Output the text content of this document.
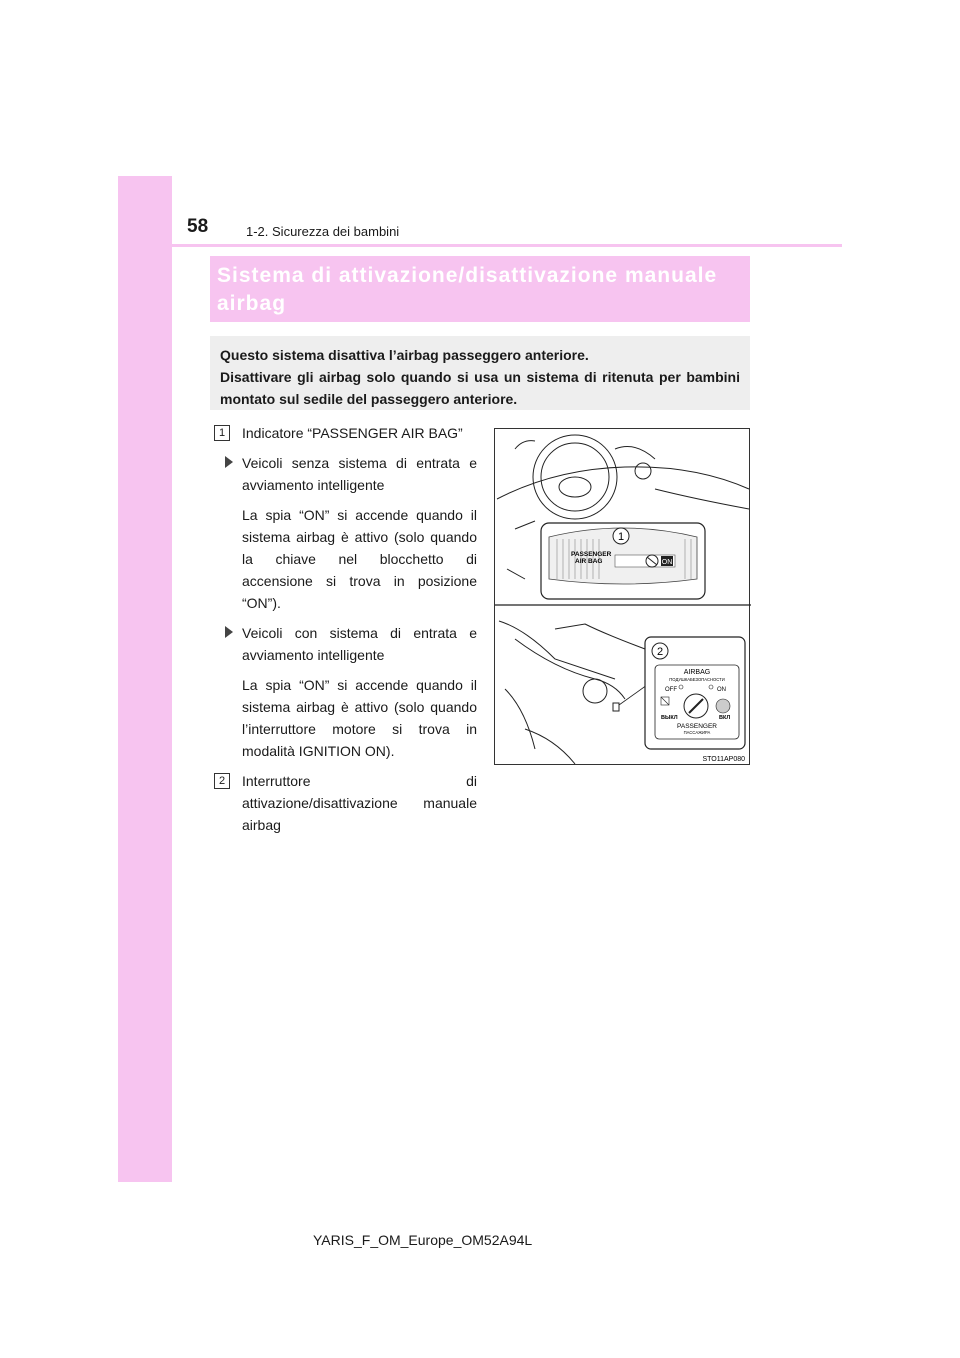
58	1-2. Sicurezza dei bambini

Sistema di attivazione/disattivazione manuale

airbag

Questo sistema disattiva l’airbag passeggero anteriore.

Disattivare gli airbag solo quando si usa un sistema di ritenuta per bambini montato sul sedile del passeggero anteriore.

1	Indicatore “PASSENGER AIR BAG”
Veicoli senza sistema di entrata e avviamento intelligente
La spia “ON” si accende quando il sistema airbag è attivo (solo quando la chiave nel blocchetto di accensione si trova in posizione “ON”).
Veicoli con sistema di entrata e avviamento intelligente
La spia “ON” si accende quando il sistema airbag è attivo (solo quando l’interruttore motore si trova in modalità IGNITION ON).
2	Interruttore di attivazione/disattivazione manuale airbag
1
PASSENGER
AIR BAG	ON
2
AIRBAG
ПОДУШКАБЕЗОПАСНОСТИ
OFF	ON
ВЫКЛ	ВКЛ
PASSENGER
ПАССАЖИРА
STO11AP080
YARIS_F_OM_Europe_OM52A94L
